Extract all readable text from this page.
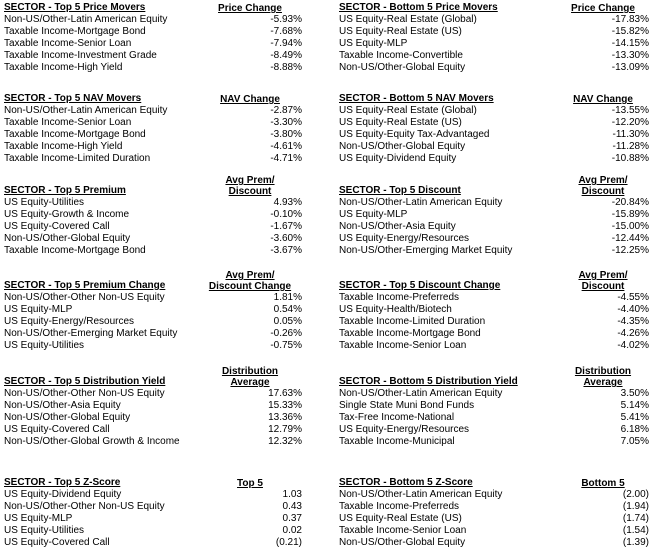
SECTOR - Top 5 Price Movers	Price Change
Non-US/Other-Latin American Equity	-5.93%
Taxable Income-Mortgage Bond	-7.68%
Taxable Income-Senior Loan	-7.94%
Taxable Income-Investment Grade	-8.49%
Taxable Income-High Yield	-8.88%
SECTOR - Bottom 5 Price Movers	Price Change
US Equity-Real Estate (Global)	-17.83%
US Equity-Real Estate (US)	-15.82%
US Equity-MLP	-14.15%
Taxable Income-Convertible	-13.30%
Non-US/Other-Global Equity	-13.09%
SECTOR - Top 5 NAV Movers	NAV Change
Non-US/Other-Latin American Equity	-2.87%
Taxable Income-Senior Loan	-3.30%
Taxable Income-Mortgage Bond	-3.80%
Taxable Income-High Yield	-4.61%
Taxable Income-Limited Duration	-4.71%
SECTOR - Bottom 5 NAV Movers	NAV Change
US Equity-Real Estate (Global)	-13.55%
US Equity-Real Estate (US)	-12.20%
US Equity-Equity Tax-Advantaged	-11.30%
Non-US/Other-Global Equity	-11.28%
US Equity-Dividend Equity	-10.88%
SECTOR - Top 5 Premium
Avg Prem/
Discount
US Equity-Utilities	4.93%
US Equity-Growth & Income	-0.10%
US Equity-Covered Call	-1.67%
Non-US/Other-Global Equity	-3.60%
Taxable Income-Mortgage Bond	-3.67%
SECTOR - Top 5 Discount
Avg Prem/
Discount
Non-US/Other-Latin American Equity	-20.84%
US Equity-MLP	-15.89%
Non-US/Other-Asia Equity	-15.00%
US Equity-Energy/Resources	-12.44%
Non-US/Other-Emerging Market Equity	-12.25%
SECTOR - Top 5 Premium Change
Avg Prem/
Discount Change
Non-US/Other-Other Non-US Equity	1.81%
US Equity-MLP	0.54%
US Equity-Energy/Resources	0.05%
Non-US/Other-Emerging Market Equity	-0.26%
US Equity-Utilities	-0.75%
SECTOR - Top 5 Discount Change
Avg Prem/
Discount
Taxable Income-Preferreds	-4.55%
US Equity-Health/Biotech	-4.40%
Taxable Income-Limited Duration	-4.35%
Taxable Income-Mortgage Bond	-4.26%
Taxable Income-Senior Loan	-4.02%
SECTOR - Top 5 Distribution Yield
Distribution
Average
Non-US/Other-Other Non-US Equity	17.63%
Non-US/Other-Asia Equity	15.33%
Non-US/Other-Global Equity	13.36%
US Equity-Covered Call	12.79%
Non-US/Other-Global Growth & Income	12.32%
SECTOR - Bottom 5 Distribution Yield
Distribution
Average
Non-US/Other-Latin American Equity	3.50%
Single State Muni Bond Funds	5.14%
Tax-Free Income-National	5.41%
US Equity-Energy/Resources	6.18%
Taxable Income-Municipal	7.05%
SECTOR - Top 5 Z-Score	Top 5
US Equity-Dividend Equity	1.03
Non-US/Other-Other Non-US Equity	0.43
US Equity-MLP	0.37
US Equity-Utilities	0.02
US Equity-Covered Call	(0.21)
SECTOR - Bottom 5 Z-Score	Bottom 5
Non-US/Other-Latin American Equity	(2.00)
Taxable Income-Preferreds	(1.94)
US Equity-Real Estate (US)	(1.74)
Taxable Income-Senior Loan	(1.54)
Non-US/Other-Global Equity	(1.39)
